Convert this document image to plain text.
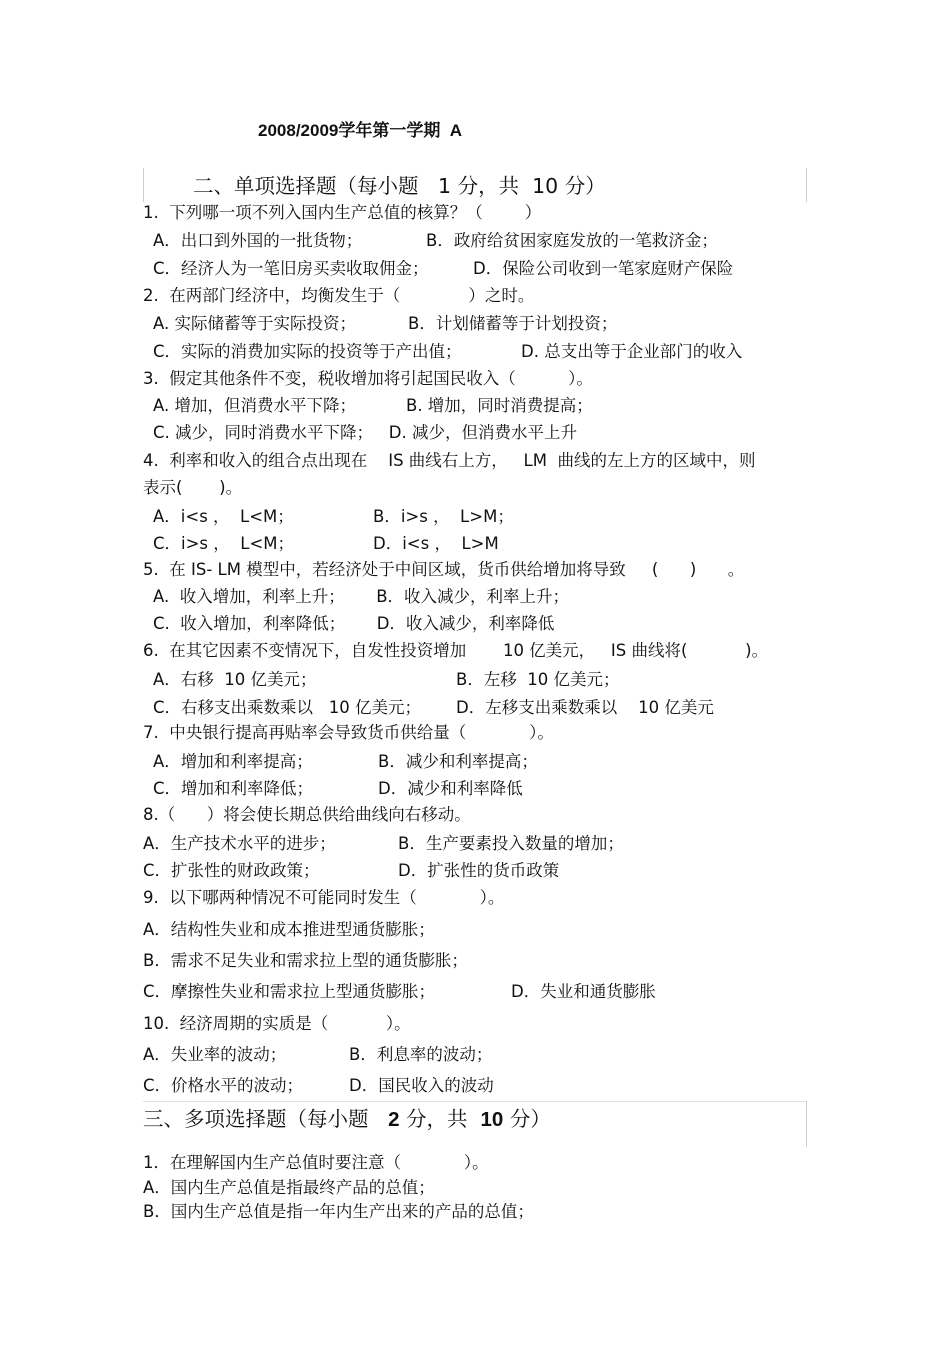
2008/2009学年第一学期  A
二、单项选择题（每小题   1 分，共  10 分）
1.  下列哪一项不列入国内生产总值的核算？（        ）
A．出口到外国的一批货物；	B．政府给贫困家庭发放的一笔救济金；
C．经济人为一笔旧房买卖收取佣金；	D．保险公司收到一笔家庭财产保险
2.  在两部门经济中，均衡发生于（             ）之时。
A. 实际储蓄等于实际投资；	B．计划储蓄等于计划投资；
C．实际的消费加实际的投资等于产出值；	D. 总支出等于企业部门的收入
3.  假定其他条件不变，税收增加将引起国民收入（          ）。
A. 增加，但消费水平下降；	B. 增加，同时消费提高；
C. 减少，同时消费水平下降；   D. 减少，但消费水平上升
4.  利率和收入的组合点出现在    IS 曲线右上方，   LM  曲线的左上方的区域中，则
表示(       )。
A．i<s ，  L<M；	B．i>s ，  L>M；
C．i>s ，  L<M；	D．i<s ，  L>M
5.  在 IS- LM 模型中，若经济处于中间区域，货币供给增加将导致     (      )      。
A.  收入增加，利率上升；      B．收入减少，利率上升；
C.  收入增加，利率降低；      D．收入减少，利率降低
6.  在其它因素不变情况下，自发性投资增加       10 亿美元，   IS 曲线将(           )。
A．右移  10 亿美元；	B．左移  10 亿美元；
C．右移支出乘数乘以   10 亿美元； D．左移支出乘数乘以    10 亿美元
7.  中央银行提高再贴率会导致货币供给量（            ）。
A．增加和利率提高；	B．减少和利率提高；
C．增加和利率降低；	D．减少和利率降低
8.（      ）将会使长期总供给曲线向右移动。
A．生产技术水平的进步；	B．生产要素投入数量的增加；
C．扩张性的财政政策；	D．扩张性的货币政策
9.  以下哪两种情况不可能同时发生（            ）。
A．结构性失业和成本推进型通货膨胀；
B．需求不足失业和需求拉上型的通货膨胀；
C．摩擦性失业和需求拉上型通货膨胀；	D．失业和通货膨胀
10.  经济周期的实质是（           ）。
A．失业率的波动；	B．利息率的波动；
C．价格水平的波动；	D．国民收入的波动
三、多项选择题（每小题   2 分，共  10 分）
1．在理解国内生产总值时要注意（            ）。
A．国内生产总值是指最终产品的总值；
B．国内生产总值是指一年内生产出来的产品的总值；
